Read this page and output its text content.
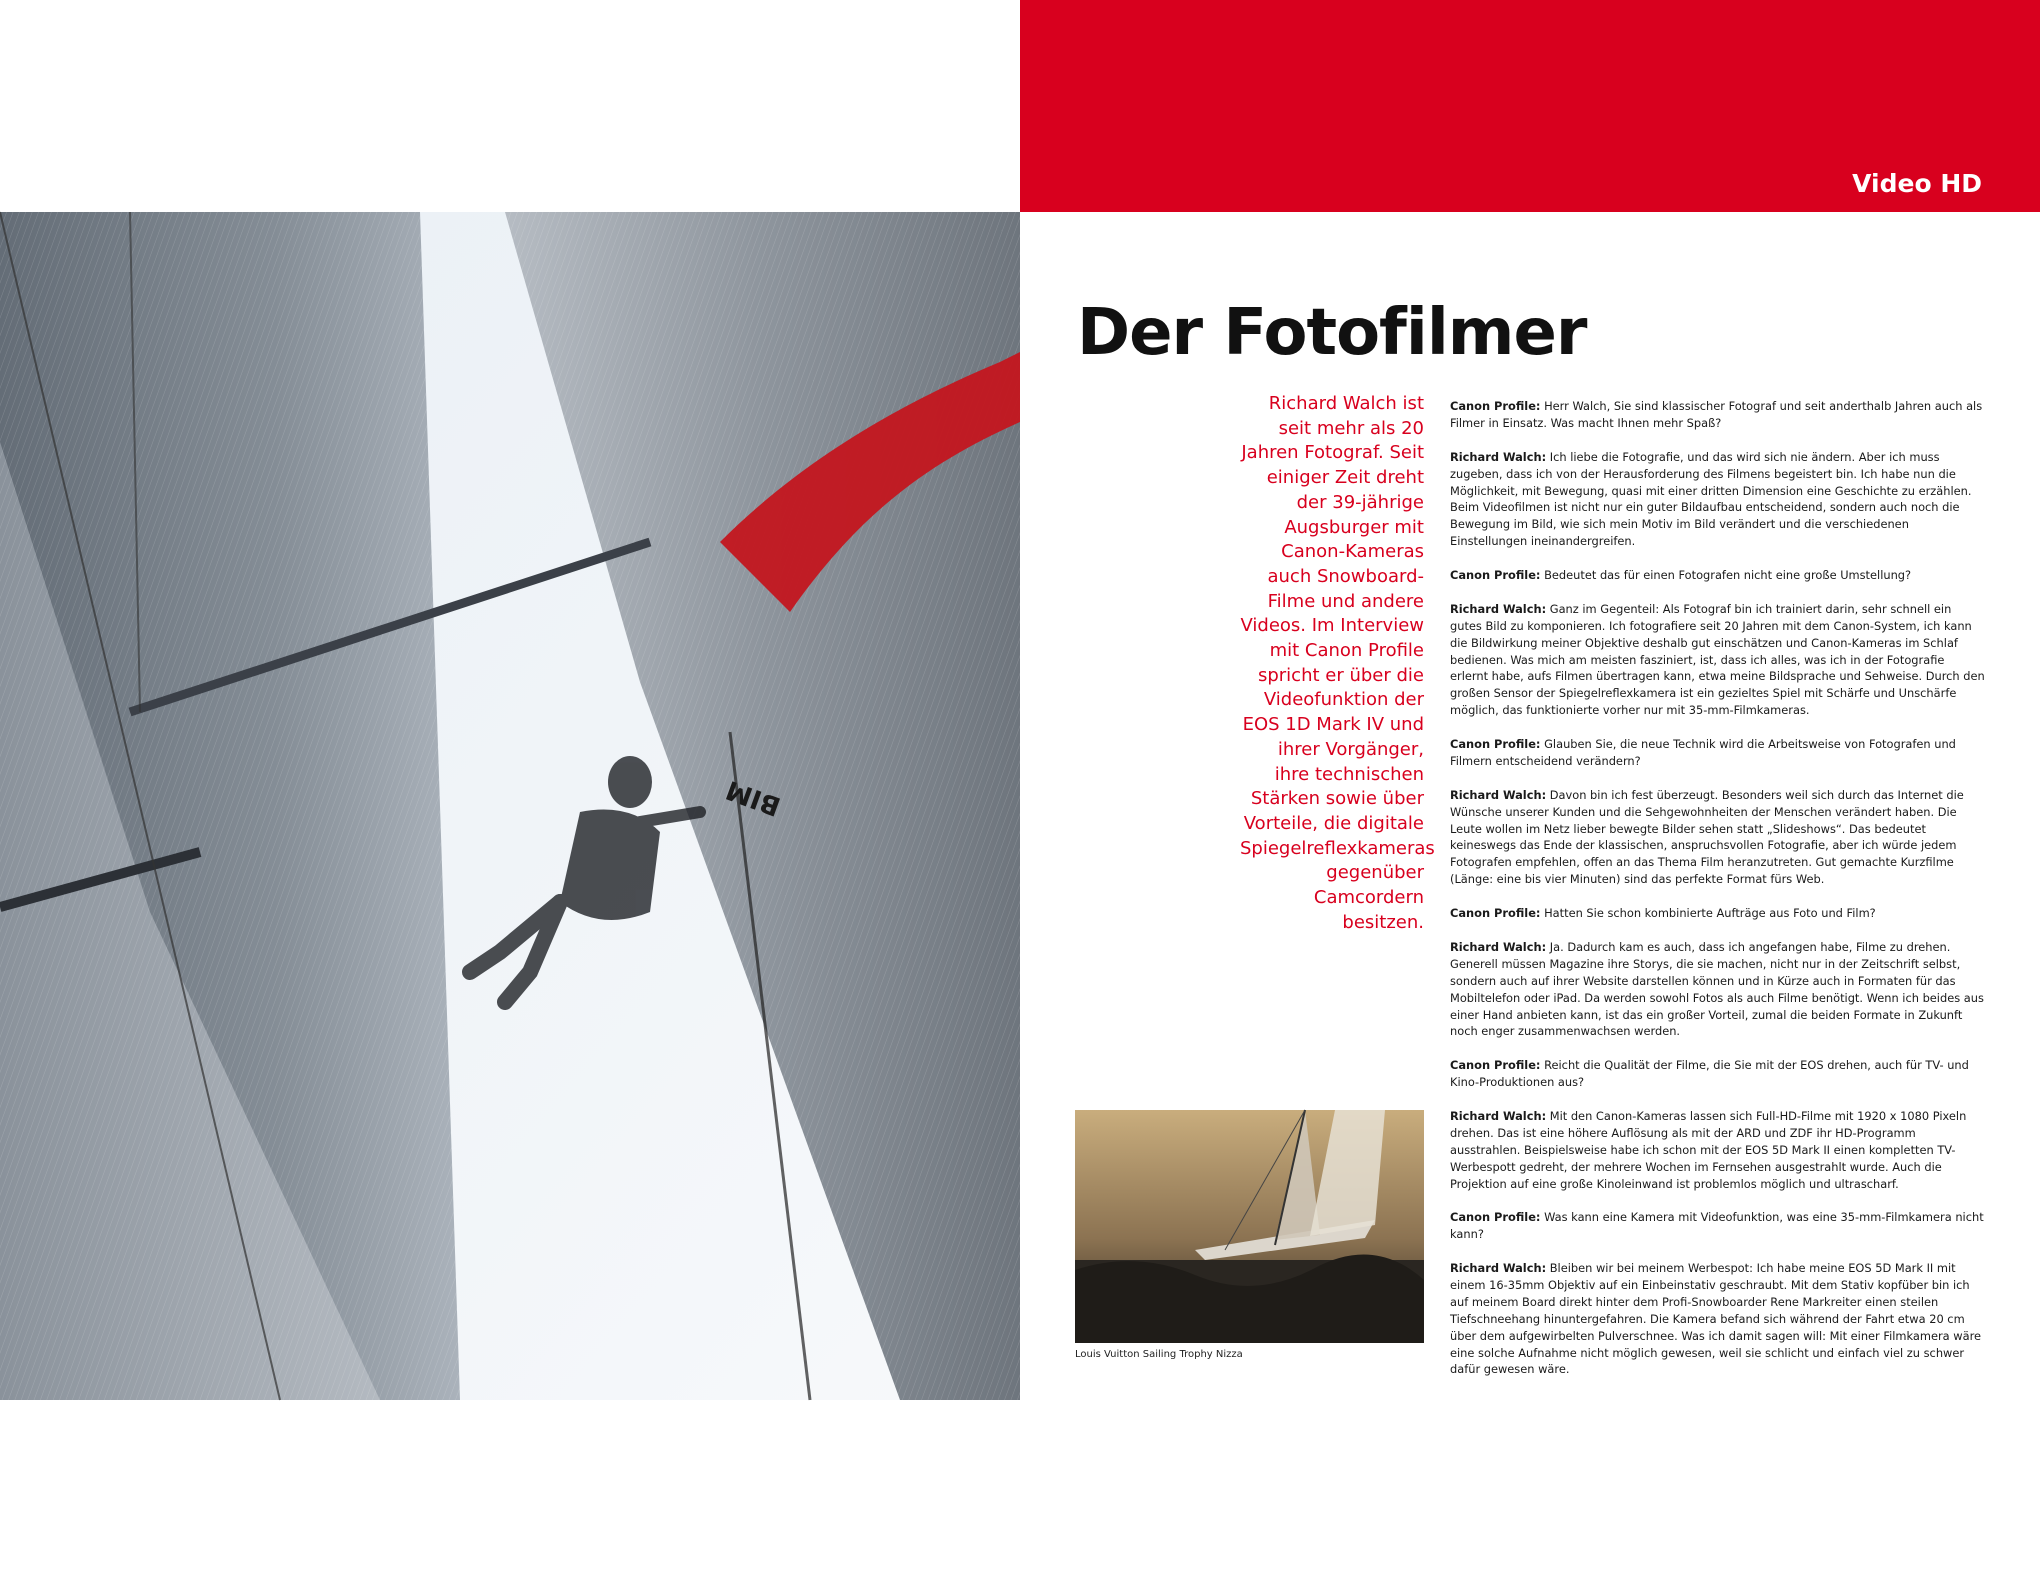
Video HD
BIM
Alle Fotos Richard Walch
Der Fotofilmer

Richard Walch ist seit mehr als 20 Jahren Fotograf. Seit einiger Zeit dreht der 39-jährige Augsburger mit Canon-Kameras auch Snowboard-Filme und andere Videos. Im Interview mit Canon Profile spricht er über die Videofunktion der EOS 1D Mark IV und ihrer Vorgänger, ihre technischen Stärken sowie über Vorteile, die digitale Spiegelreflexkameras gegenüber Camcordern besitzen.

Louis Vuitton Sailing Trophy Nizza

Canon Profile: Herr Walch, Sie sind klassischer Fotograf und seit anderthalb Jahren auch als Filmer in Einsatz. Was macht Ihnen mehr Spaß?

Richard Walch: Ich liebe die Fotografie, und das wird sich nie ändern. Aber ich muss zugeben, dass ich von der Herausforderung des Filmens begeistert bin. Ich habe nun die Möglichkeit, mit Bewegung, quasi mit einer dritten Dimension eine Geschichte zu erzählen. Beim Videofilmen ist nicht nur ein guter Bildaufbau entscheidend, sondern auch noch die Bewegung im Bild, wie sich mein Motiv im Bild verändert und die verschiedenen Einstellungen ineinandergreifen.

Canon Profile: Bedeutet das für einen Fotografen nicht eine große Umstellung?

Richard Walch: Ganz im Gegenteil: Als Fotograf bin ich trainiert darin, sehr schnell ein gutes Bild zu komponieren. Ich fotografiere seit 20 Jahren mit dem Canon-System, ich kann die Bildwirkung meiner Objektive deshalb gut einschätzen und Canon-Kameras im Schlaf bedienen. Was mich am meisten fasziniert, ist, dass ich alles, was ich in der Fotografie erlernt habe, aufs Filmen übertragen kann, etwa meine Bildsprache und Sehweise. Durch den großen Sensor der Spiegelreflexkamera ist ein gezieltes Spiel mit Schärfe und Unschärfe möglich, das funktionierte vorher nur mit 35-mm-Filmkameras.

Canon Profile: Glauben Sie, die neue Technik wird die Arbeitsweise von Fotografen und Filmern entscheidend verändern?

Richard Walch: Davon bin ich fest überzeugt. Besonders weil sich durch das Internet die Wünsche unserer Kunden und die Sehgewohnheiten der Menschen verändert haben. Die Leute wollen im Netz lieber bewegte Bilder sehen statt „Slideshows“. Das bedeutet keineswegs das Ende der klassischen, anspruchsvollen Fotografie, aber ich würde jedem Fotografen empfehlen, offen an das Thema Film heranzutreten. Gut gemachte Kurzfilme (Länge: eine bis vier Minuten) sind das perfekte Format fürs Web.

Canon Profile: Hatten Sie schon kombinierte Aufträge aus Foto und Film?

Richard Walch: Ja. Dadurch kam es auch, dass ich angefangen habe, Filme zu drehen. Generell müssen Magazine ihre Storys, die sie machen, nicht nur in der Zeitschrift selbst, sondern auch auf ihrer Website darstellen können und in Kürze auch in Formaten für das Mobiltelefon oder iPad. Da werden sowohl Fotos als auch Filme benötigt. Wenn ich beides aus einer Hand anbieten kann, ist das ein großer Vorteil, zumal die beiden Formate in Zukunft noch enger zusammenwachsen werden.

Canon Profile: Reicht die Qualität der Filme, die Sie mit der EOS drehen, auch für TV- und Kino-Produktionen aus?

Richard Walch: Mit den Canon-Kameras lassen sich Full-HD-Filme mit 1920 x 1080 Pixeln drehen. Das ist eine höhere Auflösung als mit der ARD und ZDF ihr HD-Programm ausstrahlen. Beispielsweise habe ich schon mit der EOS 5D Mark II einen kompletten TV-Werbespott gedreht, der mehrere Wochen im Fernsehen ausgestrahlt wurde. Auch die Projektion auf eine große Kinoleinwand ist problemlos möglich und ultrascharf.

Canon Profile: Was kann eine Kamera mit Videofunktion, was eine 35-mm-Filmkamera nicht kann?

Richard Walch: Bleiben wir bei meinem Werbespot: Ich habe meine EOS 5D Mark II mit einem 16-35mm Objektiv auf ein Einbeinstativ geschraubt. Mit dem Stativ kopfüber bin ich auf meinem Board direkt hinter dem Profi-Snowboarder Rene Markreiter einen steilen Tiefschneehang hinuntergefahren. Die Kamera befand sich während der Fahrt etwa 20 cm über dem aufgewirbelten Pulverschnee. Was ich damit sagen will: Mit einer Filmkamera wäre eine solche Aufnahme nicht möglich gewesen, weil sie schlicht und einfach viel zu schwer dafür gewesen wäre.
